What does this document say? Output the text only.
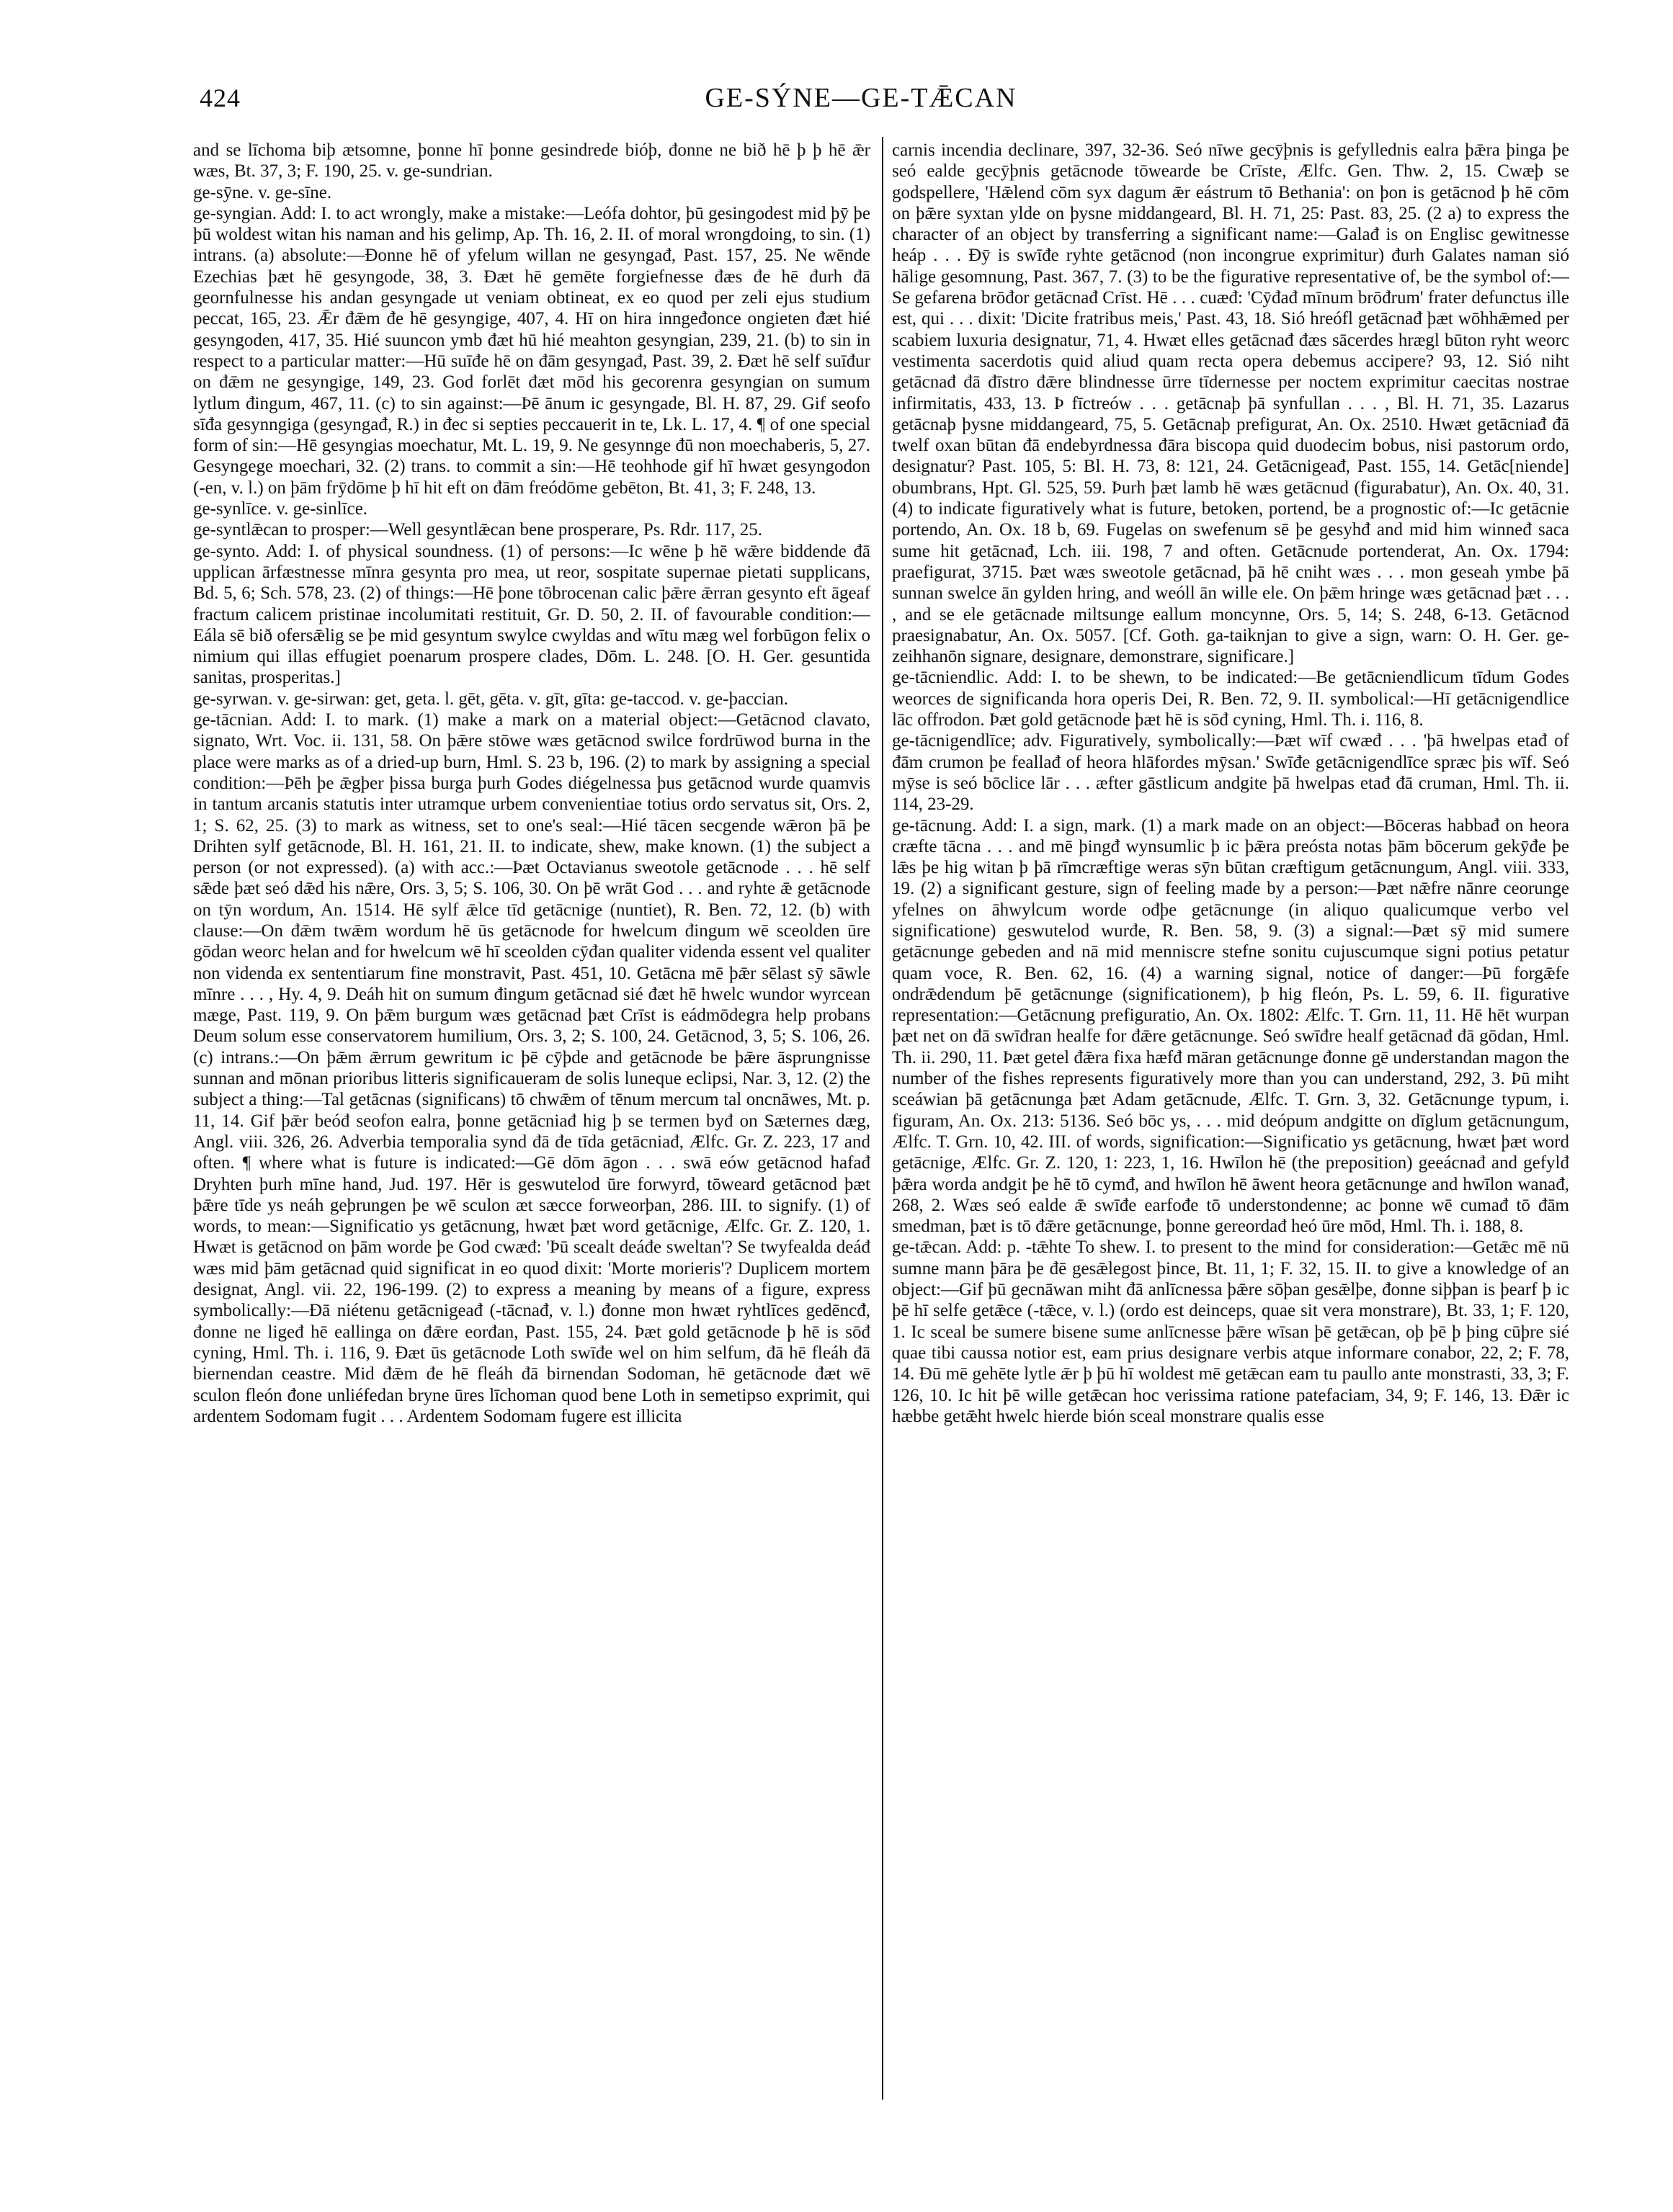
424	GE-SÝNE—GE-TǢCAN

and se līchoma biþ ætsomne, þonne hī þonne gesindrede bióþ, đonne ne bið hē þ þ hē ǣr wæs, Bt. 37, 3; F. 190, 25. v. ge-sundrian.

ge-sȳne. v. ge-sīne.

ge-syngian. Add: I. to act wrongly, make a mistake:—Leófa dohtor, þū gesingodest mid þȳ þe þū woldest witan his naman and his gelimp, Ap. Th. 16, 2. II. of moral wrongdoing, to sin. (1) intrans. (a) absolute:—Đonne hē of yfelum willan ne gesyngađ, Past. 157, 25. Ne wēnde Ezechias þæt hē gesyngode, 38, 3. Đæt hē gemēte forgiefnesse đæs đe hē đurh đā geornfulnesse his andan gesyngade ut veniam obtineat, ex eo quod per zeli ejus studium peccat, 165, 23. Ǣr đǣm đe hē gesyngige, 407, 4. Hī on hira inngeđonce ongieten đæt hié gesyngoden, 417, 35. Hié suuncon ymb đæt hū hié meahton gesyngian, 239, 21. (b) to sin in respect to a particular matter:—Hū suīđe hē on đām gesyngađ, Past. 39, 2. Đæt hē self suīđur on đǣm ne gesyngige, 149, 23. God forlēt đæt mōd his gecorenra gesyngian on sumum lytlum đingum, 467, 11. (c) to sin against:—Þē ānum ic gesyngade, Bl. H. 87, 29. Gif seofo sīđa gesynngiga (gesyngađ, R.) in đec si septies peccauerit in te, Lk. L. 17, 4. ¶ of one special form of sin:—Hē gesyngias moechatur, Mt. L. 19, 9. Ne gesynnge đū non moechaberis, 5, 27. Gesyngege moechari, 32. (2) trans. to commit a sin:—Hē teohhode gif hī hwæt gesyngodon (-en, v. l.) on þām frȳdōme þ hī hit eft on đām freódōme gebēton, Bt. 41, 3; F. 248, 13.

ge-synlīce. v. ge-sinlīce.

ge-syntlǣcan to prosper:—Well gesyntlǣcan bene prosperare, Ps. Rdr. 117, 25.

ge-synto. Add: I. of physical soundness. (1) of persons:—Ic wēne þ hē wǣre biddende đā upplican ārfæstnesse mīnra gesynta pro mea, ut reor, sospitate supernae pietati supplicans, Bd. 5, 6; Sch. 578, 23. (2) of things:—Hē þone tōbrocenan calic þǣre ǣrran gesynto eft āgeaf fractum calicem pristinae incolumitati restituit, Gr. D. 50, 2. II. of favourable condition:—Eála sē bið ofersǣlig se þe mid gesyntum swylce cwyldas and wītu mæg wel forbūgon felix o nimium qui illas effugiet poenarum prospere clades, Dōm. L. 248. [O. H. Ger. gesuntida sanitas, prosperitas.]

ge-syrwan. v. ge-sirwan: get, geta. l. gēt, gēta. v. gīt, gīta: ge-taccod. v. ge-þaccian.

ge-tācnian. Add: I. to mark. (1) make a mark on a material object:—Getācnod clavato, signato, Wrt. Voc. ii. 131, 58. On þǣre stōwe wæs getācnod swilce fordrūwod burna in the place were marks as of a dried-up burn, Hml. S. 23 b, 196. (2) to mark by assigning a special condition:—Þēh þe ǣgþer þissa burga þurh Godes diégelnessa þus getācnod wurde quamvis in tantum arcanis statutis inter utramque urbem convenientiae totius ordo servatus sit, Ors. 2, 1; S. 62, 25. (3) to mark as witness, set to one's seal:—Hié tācen secgende wǣron þā þe Drihten sylf getācnode, Bl. H. 161, 21. II. to indicate, shew, make known. (1) the subject a person (or not expressed). (a) with acc.:—Þæt Octavianus sweotole getācnode . . . hē self sǣde þæt seó dǣd his nǣre, Ors. 3, 5; S. 106, 30. On þē wrāt God . . . and ryhte ǣ getācnode on tȳn wordum, An. 1514. Hē sylf ǣlce tīd getācnige (nuntiet), R. Ben. 72, 12. (b) with clause:—On đǣm twǣm wordum hē ūs getācnode for hwelcum đingum wē sceolden ūre gōdan weorc helan and for hwelcum wē hī sceolden cȳđan qualiter videnda essent vel qualiter non videnda ex sententiarum fine monstravit, Past. 451, 10. Getācna mē þǣr sēlast sȳ sāwle mīnre . . . , Hy. 4, 9. Deáh hit on sumum đingum getācnad sié đæt hē hwelc wundor wyrcean mæge, Past. 119, 9. On þǣm burgum wæs getācnad þæt Crīst is eádmōdegra help probans Deum solum esse conservatorem humilium, Ors. 3, 2; S. 100, 24. Getācnod, 3, 5; S. 106, 26. (c) intrans.:—On þǣm ǣrrum gewritum ic þē cȳþde and getācnode be þǣre āsprungnisse sunnan and mōnan prioribus litteris significaueram de solis luneque eclipsi, Nar. 3, 12. (2) the subject a thing:—Tal getācnas (significans) tō chwǣm of tēnum mercum tal oncnāwes, Mt. p. 11, 14. Gif þǣr beóđ seofon ealra, þonne getācniađ hig þ se termen byđ on Sæternes dæg, Angl. viii. 326, 26. Adverbia temporalia synd đā đe tīda getācniađ, Ælfc. Gr. Z. 223, 17 and often. ¶ where what is future is indicated:—Gē dōm āgon . . . swā eów getācnod hafađ Dryhten þurh mīne hand, Jud. 197. Hēr is geswutelod ūre forwyrd, tōweard getācnod þæt þǣre tīde ys neáh geþrungen þe wē sculon æt sæcce forweorþan, 286. III. to signify. (1) of words, to mean:—Significatio ys getācnung, hwæt þæt word getācnige, Ælfc. Gr. Z. 120, 1. Hwæt is getācnod on þām worde þe God cwæđ: 'Þū scealt deáđe sweltan'? Se twyfealda deáđ wæs mid þām getācnad quid significat in eo quod dixit: 'Morte morieris'? Duplicem mortem designat, Angl. vii. 22, 196-199. (2) to express a meaning by means of a figure, express symbolically:—Đā niétenu getācnigeađ (-tācnađ, v. l.) đonne mon hwæt ryhtlīces gedēncđ, đonne ne ligeđ hē eallinga on đǣre eorđan, Past. 155, 24. Þæt gold getācnode þ hē is sōđ cyning, Hml. Th. i. 116, 9. Đæt ūs getācnode Loth swīđe wel on him selfum, đā hē fleáh đā biernendan ceastre. Mid đǣm đe hē fleáh đā birnendan Sodoman, hē getācnode đæt wē sculon fleón đone unliéfedan bryne ūres līchoman quod bene Loth in semetipso exprimit, qui ardentem Sodomam fugit . . . Ardentem Sodomam fugere est illicita

carnis incendia declinare, 397, 32-36. Seó nīwe gecȳþnis is gefyllednis ealra þǣra þinga þe seó ealde gecȳþnis getācnode tōwearde be Crīste, Ælfc. Gen. Thw. 2, 15. Cwæþ se godspellere, 'Hǣlend cōm syx dagum ǣr eástrum tō Bethania': on þon is getācnod þ hē cōm on þǣre syxtan ylde on þysne middangeard, Bl. H. 71, 25: Past. 83, 25. (2 a) to express the character of an object by transferring a significant name:—Galađ is on Englisc gewitnesse heáp . . . Đȳ is swīđe ryhte getācnod (non incongrue exprimitur) đurh Galates naman sió hālige gesomnung, Past. 367, 7. (3) to be the figurative representative of, be the symbol of:—Se gefarena brōđor getācnađ Crīst. Hē . . . cuæđ: 'Cȳđađ mīnum brōđrum' frater defunctus ille est, qui . . . dixit: 'Dicite fratribus meis,' Past. 43, 18. Sió hreófl getācnađ þæt wōhhǣmed per scabiem luxuria designatur, 71, 4. Hwæt elles getācnađ đæs sācerdes hrægl būton ryht weorc vestimenta sacerdotis quid aliud quam recta opera debemus accipere? 93, 12. Sió niht getācnađ đā đīstro đǣre blindnesse ūrre tīdernesse per noctem exprimitur caecitas nostrae infirmitatis, 433, 13. Þ fīctreów . . . getācnaþ þā synfullan . . . , Bl. H. 71, 35. Lazarus getācnaþ þysne middangeard, 75, 5. Getācnaþ prefigurat, An. Ox. 2510. Hwæt getācniađ đā twelf oxan būtan đā endebyrdnessa đāra biscopa quid duodecim bobus, nisi pastorum ordo, designatur? Past. 105, 5: Bl. H. 73, 8: 121, 24. Getācnigeađ, Past. 155, 14. Getāc[niende] obumbrans, Hpt. Gl. 525, 59. Þurh þæt lamb hē wæs getācnud (figurabatur), An. Ox. 40, 31. (4) to indicate figuratively what is future, betoken, portend, be a prognostic of:—Ic getācnie portendo, An. Ox. 18 b, 69. Fugelas on swefenum sē þe gesyhđ and mid him winneđ saca sume hit getācnađ, Lch. iii. 198, 7 and often. Getācnude portenderat, An. Ox. 1794: praefigurat, 3715. Þæt wæs sweotole getācnad, þā hē cniht wæs . . . mon geseah ymbe þā sunnan swelce ān gylden hring, and weóll ān wille ele. On þǣm hringe wæs getācnad þæt . . . , and se ele getācnade miltsunge eallum moncynne, Ors. 5, 14; S. 248, 6-13. Getācnod praesignabatur, An. Ox. 5057. [Cf. Goth. ga-taiknjan to give a sign, warn: O. H. Ger. ge-zeihhanōn signare, designare, demonstrare, significare.]

ge-tācniendlic. Add: I. to be shewn, to be indicated:—Be getācniendlicum tīdum Godes weorces de significanda hora operis Dei, R. Ben. 72, 9. II. symbolical:—Hī getācnigendlice lāc offrodon. Þæt gold getācnode þæt hē is sōđ cyning, Hml. Th. i. 116, 8.

ge-tācnigendlīce; adv. Figuratively, symbolically:—Þæt wīf cwæđ . . . 'þā hwelpas etađ of đām crumon þe feallađ of heora hlāfordes mȳsan.' Swīđe getācnigendlīce spræc þis wīf. Seó mȳse is seó bōclice lār . . . æfter gāstlicum andgite þā hwelpas etađ đā cruman, Hml. Th. ii. 114, 23-29.

ge-tācnung. Add: I. a sign, mark. (1) a mark made on an object:—Bōceras habbađ on heora cræfte tācna . . . and mē þingđ wynsumlic þ ic þǣra preósta notas þām bōcerum gekȳđe þe lǣs þe hig witan þ þā rīmcræftige weras sȳn būtan cræftigum getācnungum, Angl. viii. 333, 19. (2) a significant gesture, sign of feeling made by a person:—Þæt nǣfre nānre ceorunge yfelnes on āhwylcum worde ođþe getācnunge (in aliquo qualicumque verbo vel significatione) geswutelod wurđe, R. Ben. 58, 9. (3) a signal:—Þæt sȳ mid sumere getācnunge gebeden and nā mid menniscre stefne sonitu cujuscumque signi potius petatur quam voce, R. Ben. 62, 16. (4) a warning signal, notice of danger:—Þū forgǣfe ondrǣdendum þē getācnunge (significationem), þ hig fleón, Ps. L. 59, 6. II. figurative representation:—Getācnung prefiguratio, An. Ox. 1802: Ælfc. T. Grn. 11, 11. Hē hēt wurpan þæt net on đā swīđran healfe for đǣre getācnunge. Seó swīđre healf getācnađ đā gōdan, Hml. Th. ii. 290, 11. Þæt getel đǣra fixa hæfđ māran getācnunge đonne gē understandan magon the number of the fishes represents figuratively more than you can understand, 292, 3. Þū miht sceáwian þā getācnunga þæt Adam getācnude, Ælfc. T. Grn. 3, 32. Getācnunge typum, i. figuram, An. Ox. 213: 5136. Seó bōc ys, . . . mid deópum andgitte on dīglum getācnungum, Ælfc. T. Grn. 10, 42. III. of words, signification:—Significatio ys getācnung, hwæt þæt word getācnige, Ælfc. Gr. Z. 120, 1: 223, 1, 16. Hwīlon hē (the preposition) geeácnađ and gefylđ þǣra worda andgit þe hē tō cymđ, and hwīlon hē āwent heora getācnunge and hwīlon wanađ, 268, 2. Wæs seó ealde ǣ swīđe earfođe tō understondenne; ac þonne wē cumađ tō đām smedman, þæt is tō đǣre getācnunge, þonne gereordađ heó ūre mōd, Hml. Th. i. 188, 8.

ge-tǣcan. Add: p. -tǣhte To shew. I. to present to the mind for consideration:—Getǣc mē nū sumne mann þāra þe đē gesǣlegost þince, Bt. 11, 1; F. 32, 15. II. to give a knowledge of an object:—Gif þū gecnāwan miht đā anlīcnessa þǣre sōþan gesǣlþe, đonne siþþan is þearf þ ic þē hī selfe getǣce (-tǣce, v. l.) (ordo est deinceps, quae sit vera monstrare), Bt. 33, 1; F. 120, 1. Ic sceal be sumere bisene sume anlīcnesse þǣre wīsan þē getǣcan, oþ þē þ þing cūþre sié quae tibi caussa notior est, eam prius designare verbis atque informare conabor, 22, 2; F. 78, 14. Đū mē gehēte lytle ǣr þ þū hī woldest mē getǣcan eam tu paullo ante monstrasti, 33, 3; F. 126, 10. Ic hit þē wille getǣcan hoc verissima ratione patefaciam, 34, 9; F. 146, 13. Đǣr ic hæbbe getǣht hwelc hierde bión sceal monstrare qualis esse
